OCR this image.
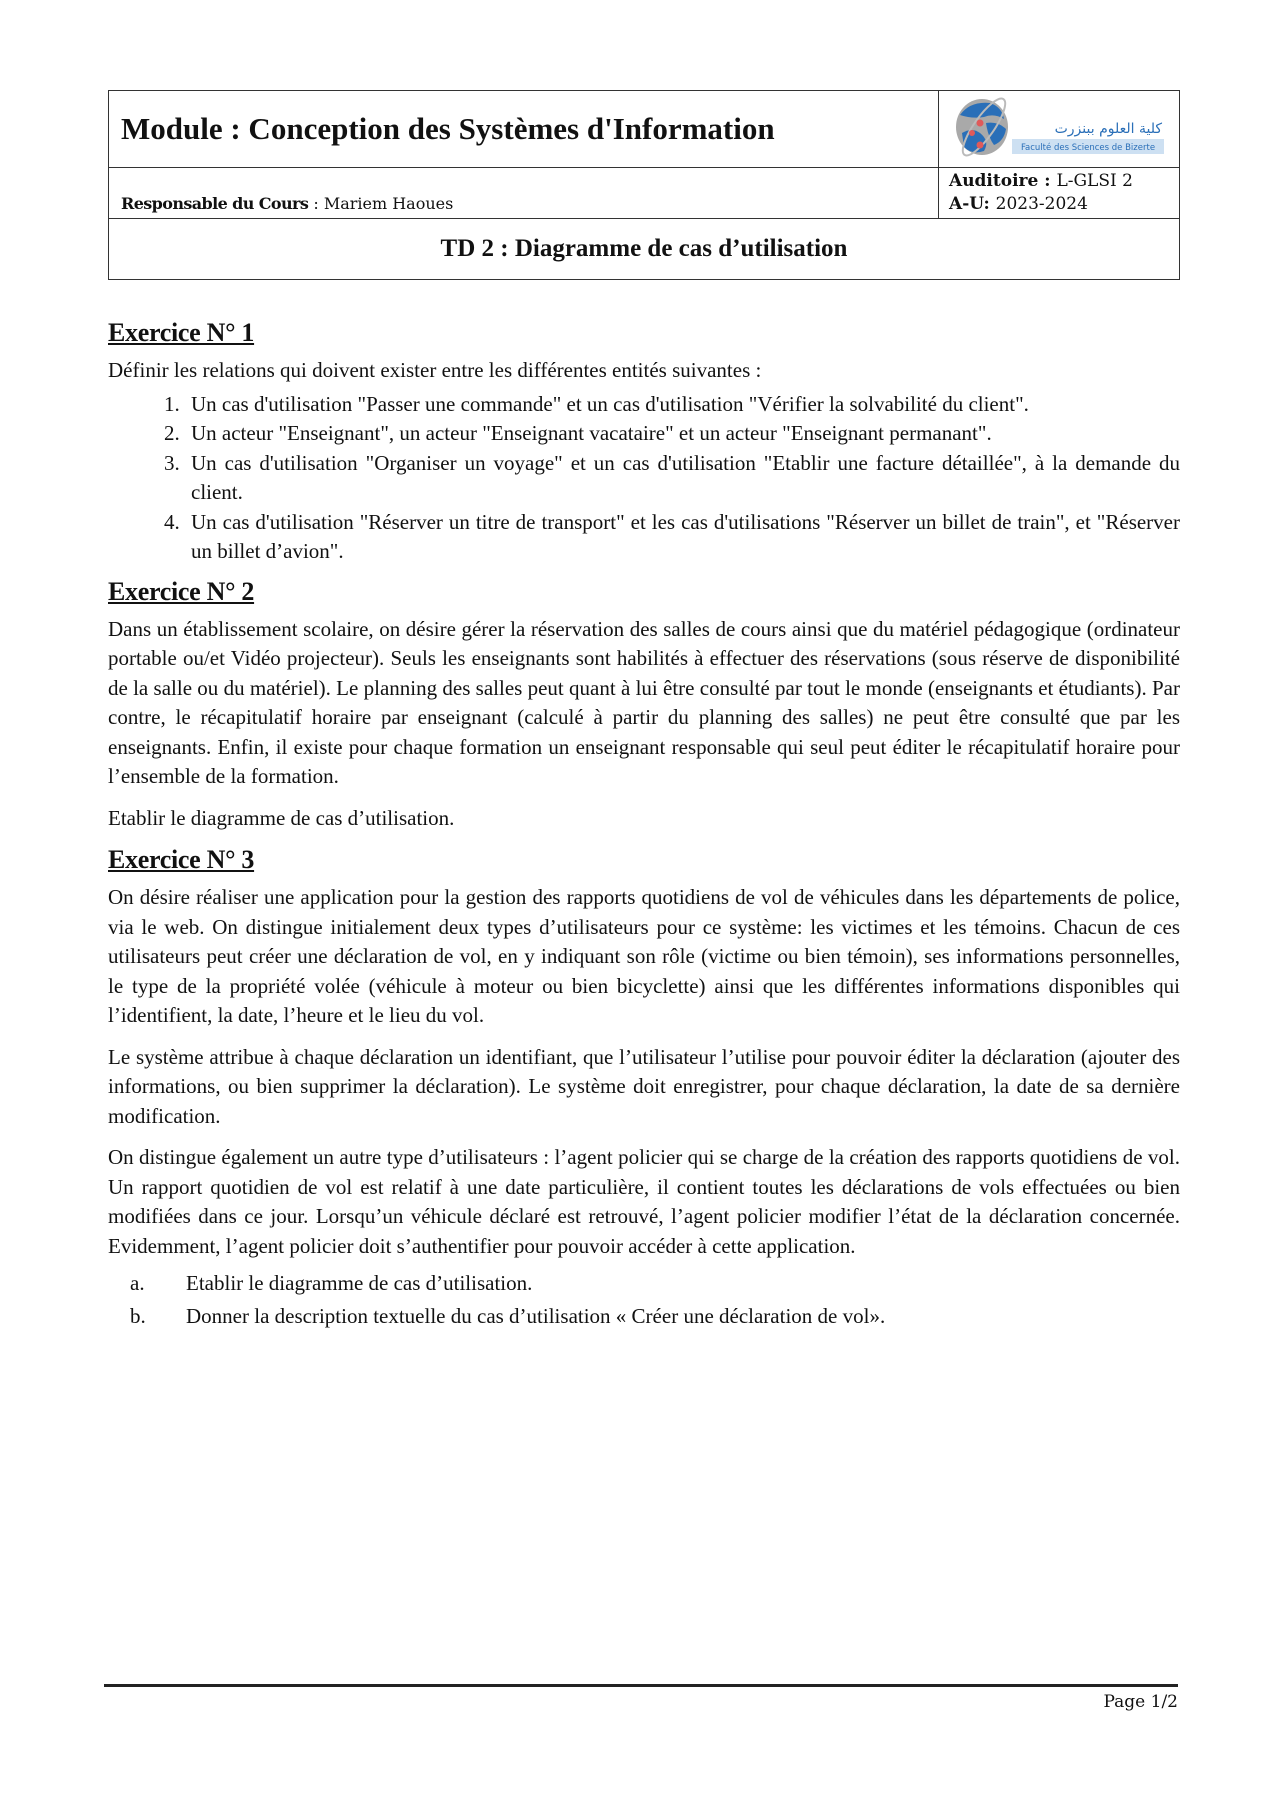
Module : Conception des Systèmes d'Information	كلية العلوم ببنزرت
Faculté des Sciences de Bizerte

Responsable du Cours : Mariem Haoues	Auditoire : L-GLSI 2
A-U: 2023-2024

TD 2 : Diagramme de cas d’utilisation	
Exercice N° 1

Définir les relations qui doivent exister entre les différentes entités suivantes :

1. Un cas d'utilisation "Passer une commande" et un cas d'utilisation "Vérifier la solvabilité du client".
2. Un acteur "Enseignant", un acteur "Enseignant vacataire" et un acteur "Enseignant permanant".
3. Un cas d'utilisation "Organiser un voyage" et un cas d'utilisation "Etablir une facture détaillée", à la demande du client.
4. Un cas d'utilisation "Réserver un titre de transport" et les cas d'utilisations "Réserver un billet de train", et "Réserver un billet d’avion".
Exercice N° 2

Dans un établissement scolaire, on désire gérer la réservation des salles de cours ainsi que du matériel pédagogique (ordinateur portable ou/et Vidéo projecteur). Seuls les enseignants sont habilités à effectuer des réservations (sous réserve de disponibilité de la salle ou du matériel). Le planning des salles peut quant à lui être consulté par tout le monde (enseignants et étudiants). Par contre, le récapitulatif horaire par enseignant (calculé à partir du planning des salles) ne peut être consulté que par les enseignants. Enfin, il existe pour chaque formation un enseignant responsable qui seul peut éditer le récapitulatif horaire pour l’ensemble de la formation.

Etablir le diagramme de cas d’utilisation.

Exercice N° 3

On désire réaliser une application pour la gestion des rapports quotidiens de vol de véhicules dans les départements de police, via le web. On distingue initialement deux types d’utilisateurs pour ce système: les victimes et les témoins. Chacun de ces utilisateurs peut créer une déclaration de vol, en y indiquant son rôle (victime ou bien témoin), ses informations personnelles, le type de la propriété volée (véhicule à moteur ou bien bicyclette) ainsi que les différentes informations disponibles qui l’identifient, la date, l’heure et le lieu du vol.

Le système attribue à chaque déclaration un identifiant, que l’utilisateur l’utilise pour pouvoir éditer la déclaration (ajouter des informations, ou bien supprimer la déclaration). Le système doit enregistrer, pour chaque déclaration, la date de sa dernière modification.

On distingue également un autre type d’utilisateurs : l’agent policier qui se charge de la création des rapports quotidiens de vol. Un rapport quotidien de vol est relatif à une date particulière, il contient toutes les déclarations de vols effectuées ou bien modifiées dans ce jour. Lorsqu’un véhicule déclaré est retrouvé, l’agent policier modifier l’état de la déclaration concernée. Evidemment, l’agent policier doit s’authentifier pour pouvoir accéder à cette application.

a.	Etablir le diagramme de cas d’utilisation.
b.	Donner la description textuelle du cas d’utilisation « Créer une déclaration de vol».
Page 1/2
